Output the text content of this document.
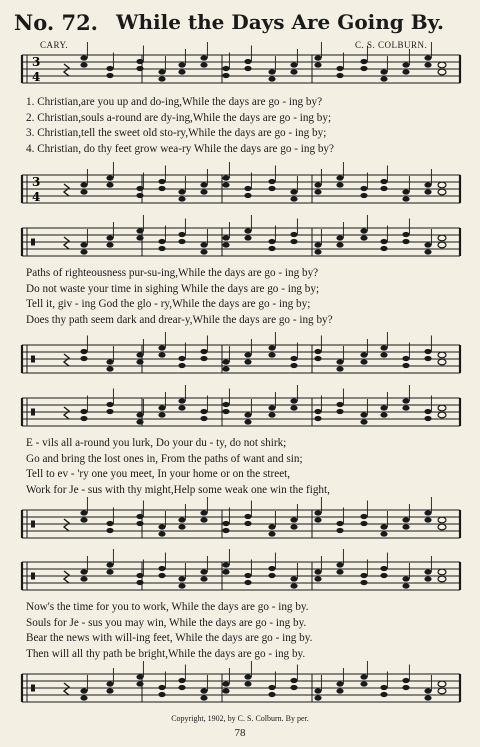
No. 72. While the Days Are Going By.
CARY.	C. S. COLBURN.
3
4
1. Christian,are you up and do-ing,While the days are go - ing by?
2. Christian,souls a-round are dy-ing,While the days are go - ing by;
3. Christian,tell the sweet old sto-ry,While the days are go - ing by;
4. Christian, do thy feet grow wea-ry While the days are go - ing by?
3
4
Paths of righteousness pur-su-ing,While the days are go - ing by?
Do not waste your time in sighing While the days are go - ing by;
Tell it, giv - ing God the glo - ry,While the days are go - ing by;
Does thy path seem dark and drear-y,While the days are go - ing by?
E - vils all a-round you lurk, Do your du - ty, do not shirk;
Go and bring the lost ones in, From the paths of want and sin;
Tell to ev - 'ry one you meet, In your home or on the street,
Work for Je - sus with thy might,Help some weak one win the fight,
Now's the time for you to work, While the days are go - ing by.
Souls for Je - sus you may win, While the days are go - ing by.
Bear the news with will-ing feet, While the days are go - ing by.
Then will all thy path be bright,While the days are go - ing by.
Copyright, 1902, by C. S. Colburn. By per.
78
